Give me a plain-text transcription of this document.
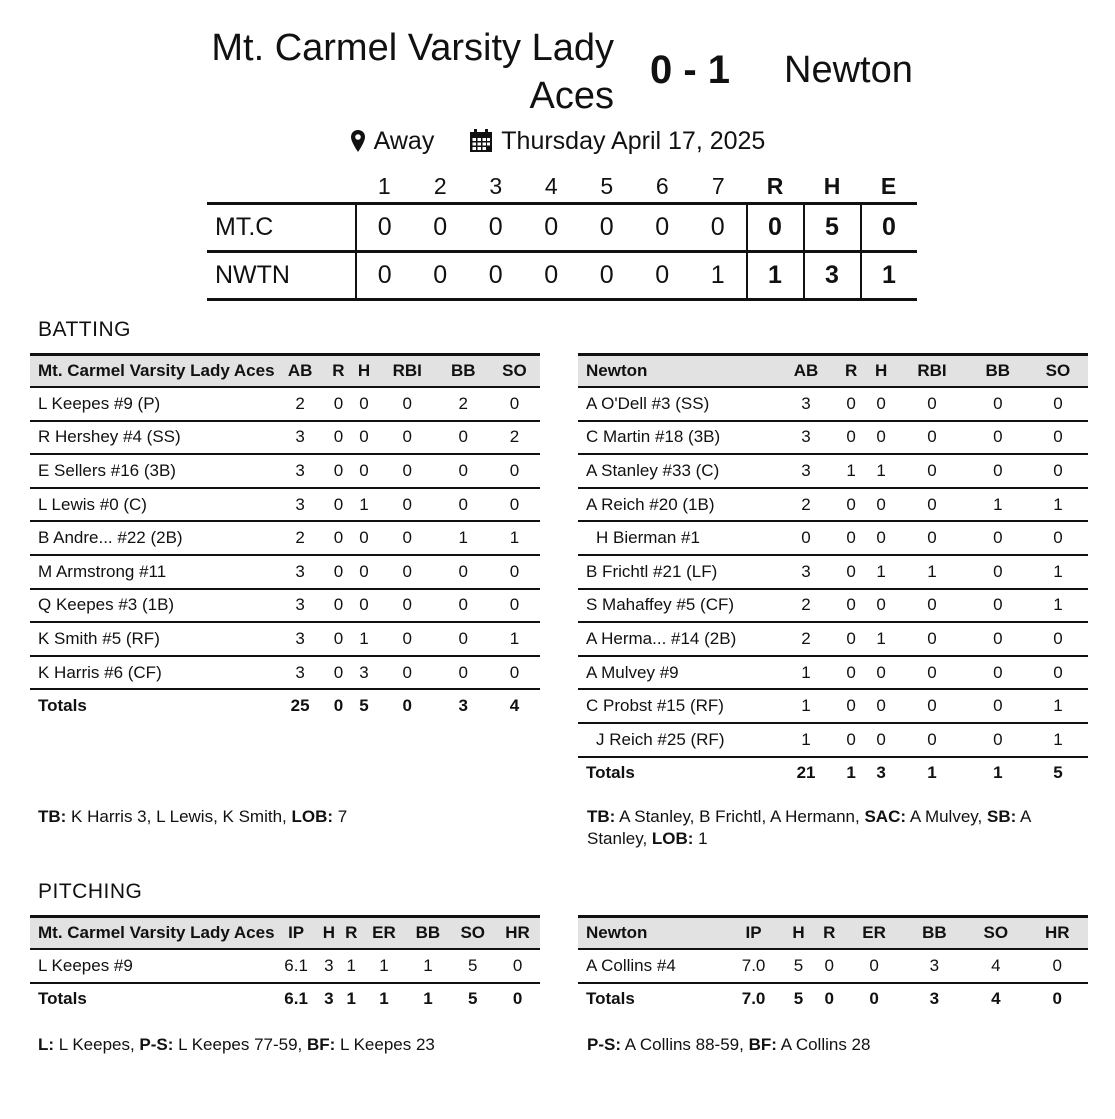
Mt. Carmel Varsity Lady Aces
0 - 1 Newton
Away
	Thursday April 17, 2025
	1	2	3	4	5	6	7	R	H	E
MT.C	0	0	0	0	0	0	0	0	5	0
NWTN	0	0	0	0	0	0	1	1	3	1
BATTING
Mt. Carmel Varsity Lady Aces	AB	R	H	RBI	BB	SO
L Keepes #9 (P)	2	0	0	0	2	0
R Hershey #4 (SS)	3	0	0	0	0	2
E Sellers #16 (3B)	3	0	0	0	0	0
L Lewis #0 (C)	3	0	1	0	0	0
B Andre... #22 (2B)	2	0	0	0	1	1
M Armstrong #11	3	0	0	0	0	0
Q Keepes #3 (1B)	3	0	0	0	0	0
K Smith #5 (RF)	3	0	1	0	0	1
K Harris #6 (CF)	3	0	3	0	0	0
Totals	25	0	5	0	3	4
Newton	AB	R	H	RBI	BB	SO
A O'Dell #3 (SS)	3	0	0	0	0	0
C Martin #18 (3B)	3	0	0	0	0	0
A Stanley #33 (C)	3	1	1	0	0	0
A Reich #20 (1B)	2	0	0	0	1	1
H Bierman #1	0	0	0	0	0	0
B Frichtl #21 (LF)	3	0	1	1	0	1
S Mahaffey #5 (CF)	2	0	0	0	0	1
A Herma... #14 (2B)	2	0	1	0	0	0
A Mulvey #9	1	0	0	0	0	0
C Probst #15 (RF)	1	0	0	0	0	1
J Reich #25 (RF)	1	0	0	0	0	1
Totals	21	1	3	1	1	5
TB: K Harris 3, L Lewis, K Smith, LOB: 7	TB: A Stanley, B Frichtl, A Hermann, SAC: A Mulvey, SB: A Stanley, LOB: 1
PITCHING
Mt. Carmel Varsity Lady Aces	IP	H	R	ER	BB	SO	HR
L Keepes #9	6.1	3	1	1	1	5	0
Totals	6.1	3	1	1	1	5	0
Newton	IP	H	R	ER	BB	SO	HR
A Collins #4	7.0	5	0	0	3	4	0
Totals	7.0	5	0	0	3	4	0
L: L Keepes, P-S: L Keepes 77-59, BF: L Keepes 23	P-S: A Collins 88-59, BF: A Collins 28
